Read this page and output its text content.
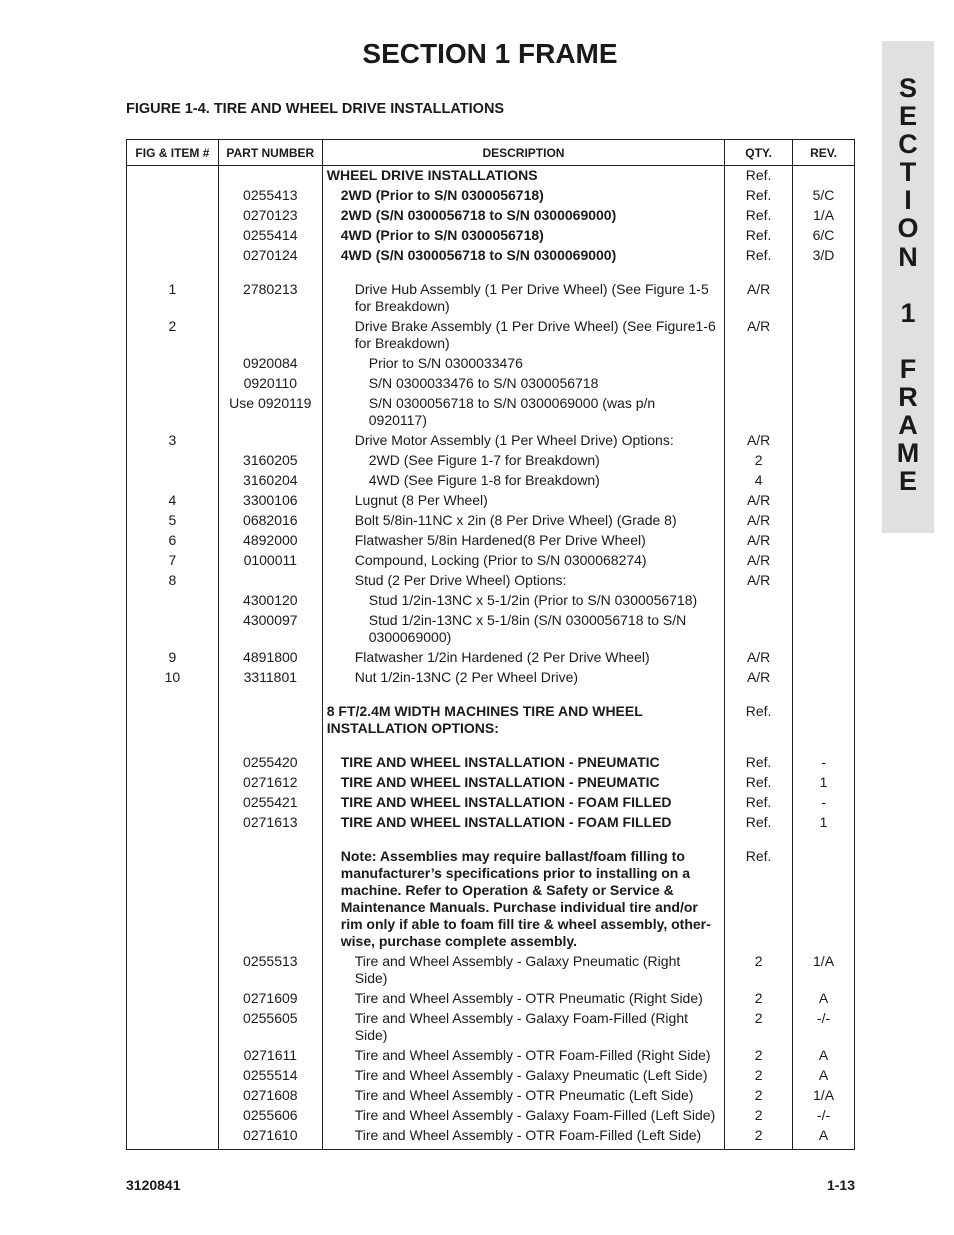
SECTION 1 FRAME
FIGURE 1-4. TIRE AND WHEEL DRIVE INSTALLATIONS
S
E
C
T
I
O
N
1
F
R
A
M
E
FIG & ITEM #	PART NUMBER	DESCRIPTION	QTY.	REV.
		WHEEL DRIVE INSTALLATIONS	Ref.	
	0255413	2WD (Prior to S/N 0300056718)	Ref.	5/C
	0270123	2WD (S/N 0300056718 to S/N 0300069000)	Ref.	1/A
	0255414	4WD (Prior to S/N 0300056718)	Ref.	6/C
	0270124	4WD (S/N 0300056718 to S/N 0300069000)	Ref.	3/D

1	2780213	Drive Hub Assembly (1 Per Drive Wheel) (See Figure 1-5 for Breakdown)	A/R	
2		Drive Brake Assembly (1 Per Drive Wheel) (See Figure1-6 for Breakdown)	A/R	
	0920084	Prior to S/N 0300033476		
	0920110	S/N 0300033476 to S/N 0300056718		
	Use 0920119	S/N 0300056718 to S/N 0300069000 (was p/n 0920117)		
3		Drive Motor Assembly (1 Per Wheel Drive) Options:	A/R	
	3160205	2WD (See Figure 1-7 for Breakdown)	2	
	3160204	4WD (See Figure 1-8 for Breakdown)	4	
4	3300106	Lugnut (8 Per Wheel)	A/R	
5	0682016	Bolt 5/8in-11NC x 2in (8 Per Drive Wheel) (Grade 8)	A/R	
6	4892000	Flatwasher 5/8in Hardened(8 Per Drive Wheel)	A/R	
7	0100011	Compound, Locking (Prior to S/N 0300068274)	A/R	
8		Stud (2 Per Drive Wheel) Options:	A/R	
	4300120	Stud 1/2in-13NC x 5-1/2in (Prior to S/N 0300056718)		
	4300097	Stud 1/2in-13NC x 5-1/8in (S/N 0300056718 to S/N 0300069000)		
9	4891800	Flatwasher 1/2in Hardened (2 Per Drive Wheel)	A/R	
10	3311801	Nut 1/2in-13NC (2 Per Wheel Drive)	A/R	

		8 FT/2.4M WIDTH MACHINES TIRE AND WHEEL INSTALLATION OPTIONS:	Ref.	

	0255420	TIRE AND WHEEL INSTALLATION - PNEUMATIC	Ref.	-
	0271612	TIRE AND WHEEL INSTALLATION - PNEUMATIC	Ref.	1
	0255421	TIRE AND WHEEL INSTALLATION - FOAM FILLED	Ref.	-
	0271613	TIRE AND WHEEL INSTALLATION - FOAM FILLED	Ref.	1

		Note: Assemblies may require ballast/foam filling to manufacturer’s specifications prior to installing on a machine. Refer to Operation & Safety or Service & Maintenance Manuals. Purchase individual tire and/or rim only if able to foam fill tire & wheel assembly, other-wise, purchase complete assembly.	Ref.	
	0255513	Tire and Wheel Assembly - Galaxy Pneumatic (Right Side)	2	1/A
	0271609	Tire and Wheel Assembly - OTR Pneumatic (Right Side)	2	A
	0255605	Tire and Wheel Assembly - Galaxy Foam-Filled (Right Side)	2	-/-
	0271611	Tire and Wheel Assembly - OTR Foam-Filled (Right Side)	2	A
	0255514	Tire and Wheel Assembly - Galaxy Pneumatic (Left Side)	2	A
	0271608	Tire and Wheel Assembly - OTR Pneumatic (Left Side)	2	1/A
	0255606	Tire and Wheel Assembly - Galaxy Foam-Filled (Left Side)	2	-/-
	0271610	Tire and Wheel Assembly - OTR Foam-Filled (Left Side)	2	A
3120841	1-13
